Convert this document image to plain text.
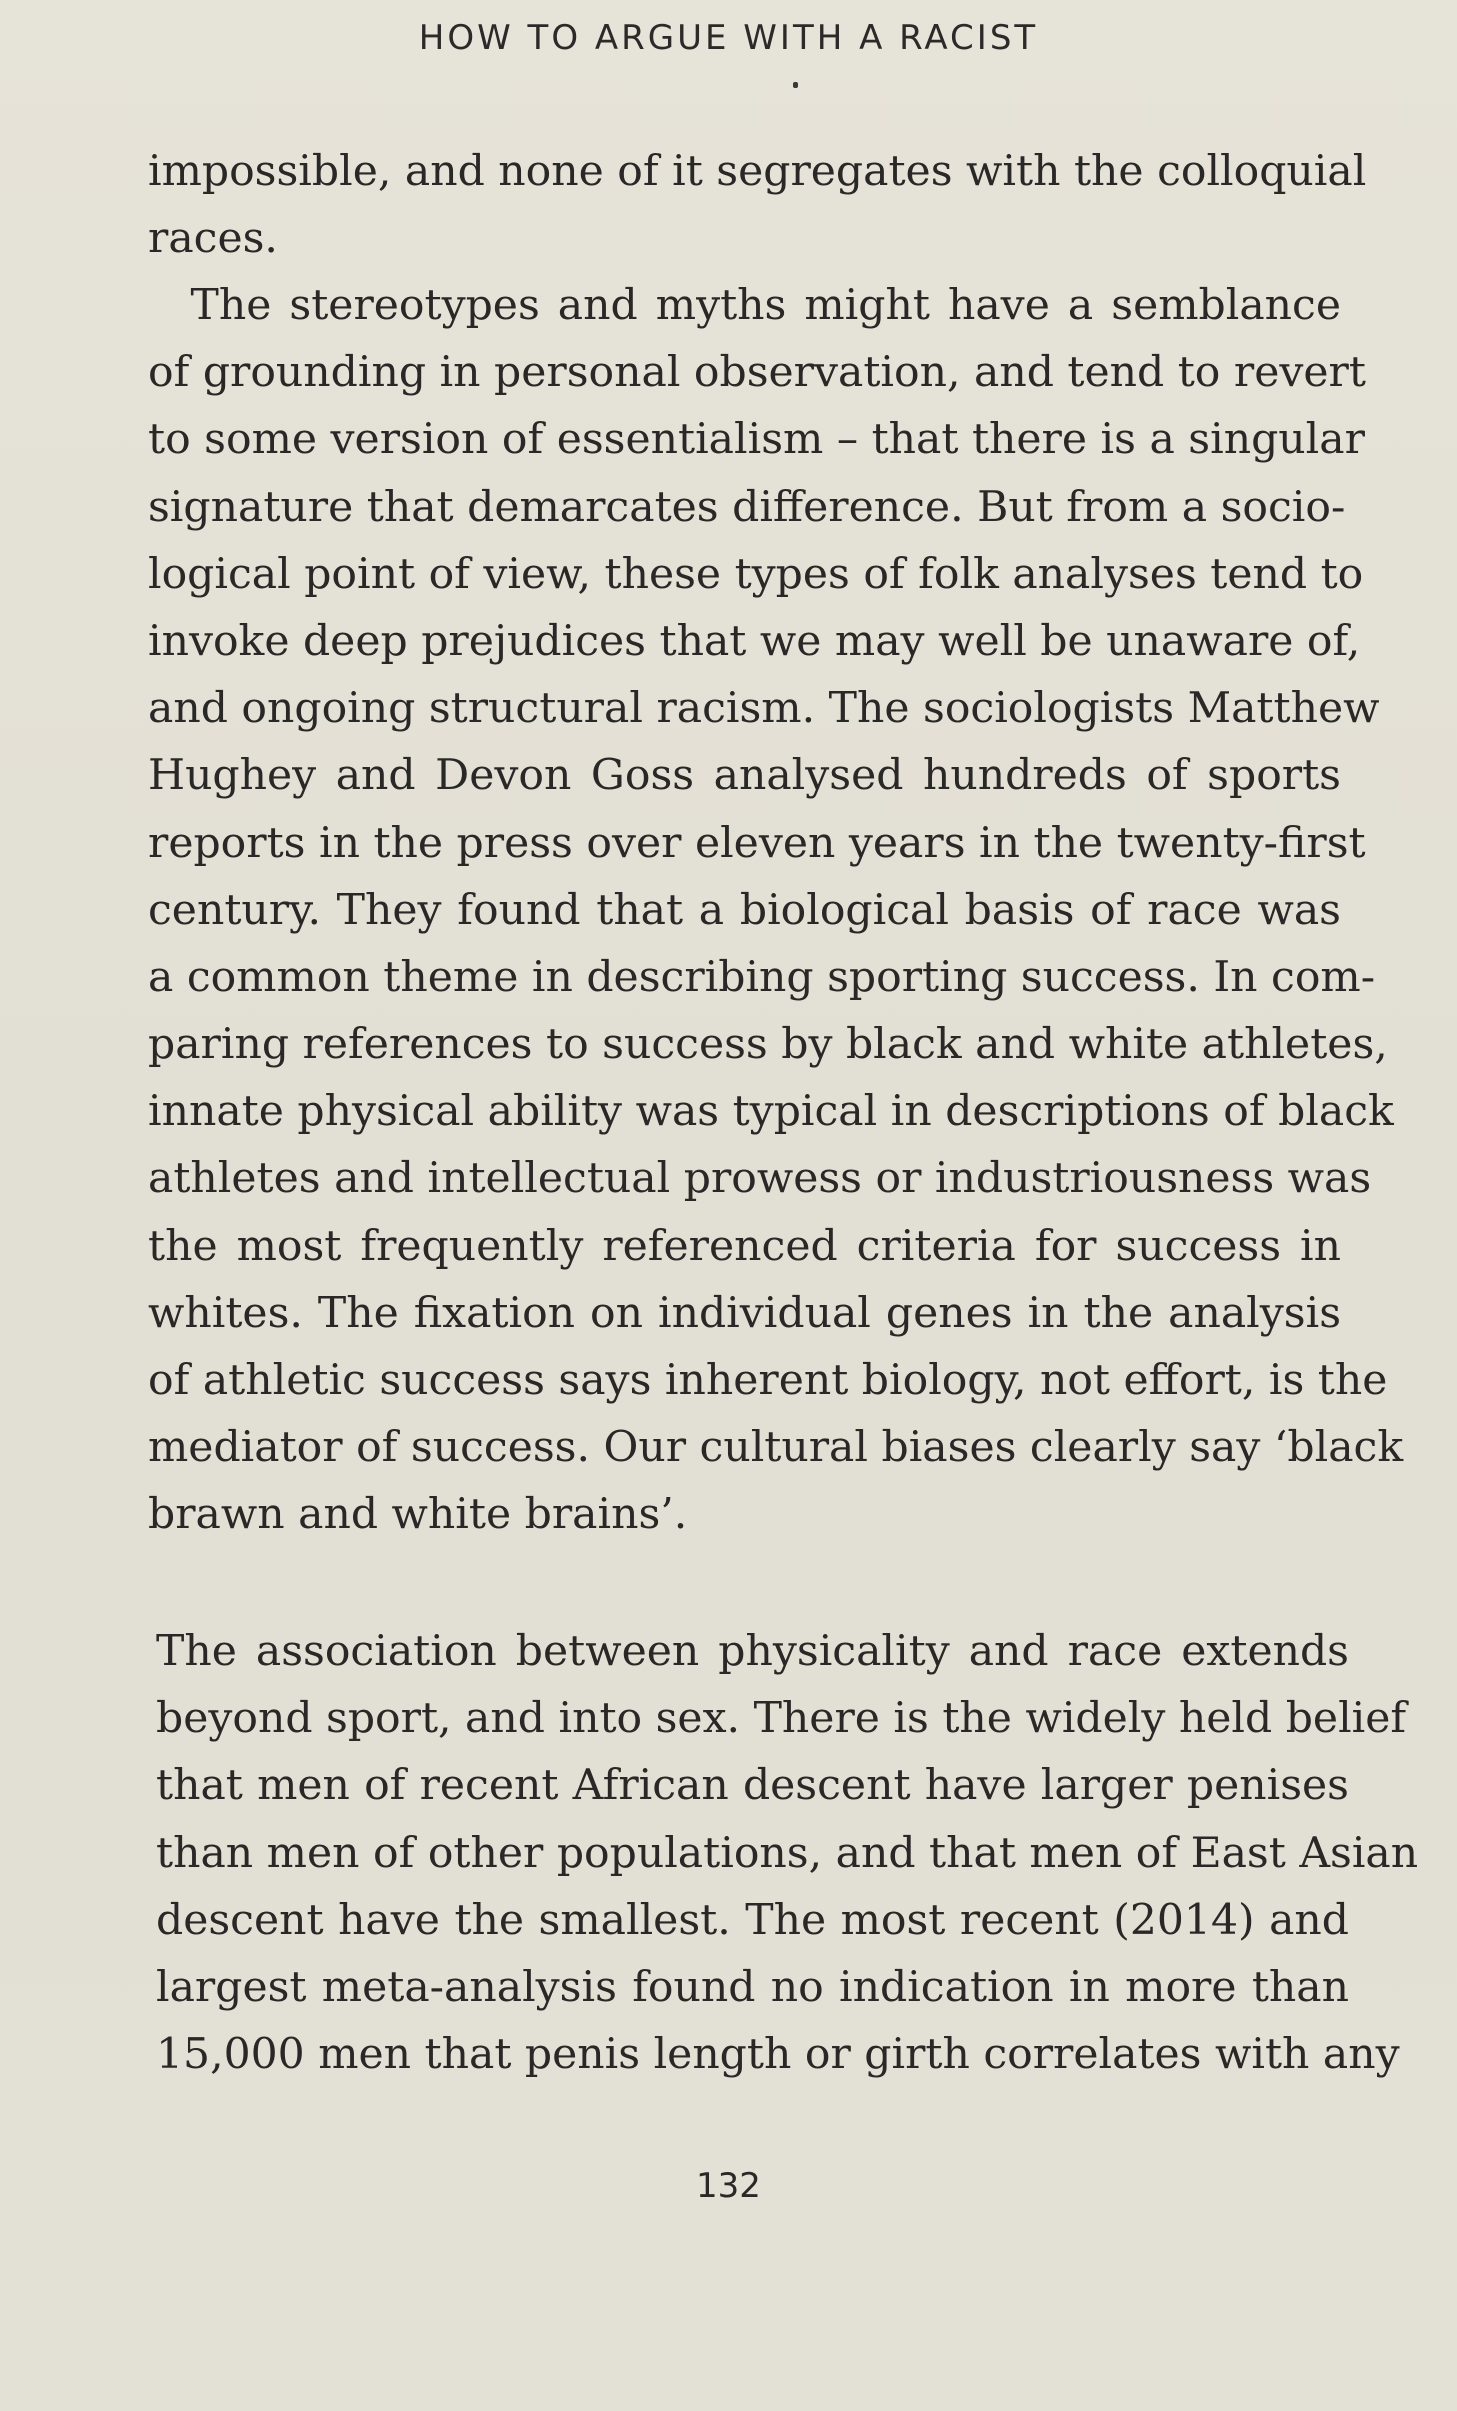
HOW TO ARGUE WITH A RACIST

impossible, and none of it segregates with the colloquial
races.

 The stereotypes and myths might have a semblance
of grounding in personal observation, and tend to revert
to some version of essentialism – that there is a singular
signature that demarcates difference. But from a socio-
logical point of view, these types of folk analyses tend to
invoke deep prejudices that we may well be unaware of,
and ongoing structural racism. The sociologists Matthew
Hughey and Devon Goss analysed hundreds of sports
reports in the press over eleven years in the twenty-first
century. They found that a biological basis of race was
a common theme in describing sporting success. In com-
paring references to success by black and white athletes,
innate physical ability was typical in descriptions of black
athletes and intellectual prowess or industriousness was
the most frequently referenced criteria for success in
whites. The fixation on individual genes in the analysis
of athletic success says inherent biology, not effort, is the
mediator of success. Our cultural biases clearly say ‘black
brawn and white brains’.

The association between physicality and race extends
beyond sport, and into sex. There is the widely held belief
that men of recent African descent have larger penises
than men of other populations, and that men of East Asian
descent have the smallest. The most recent (2014) and
largest meta-analysis found no indication in more than
15,000 men that penis length or girth correlates with any

132
